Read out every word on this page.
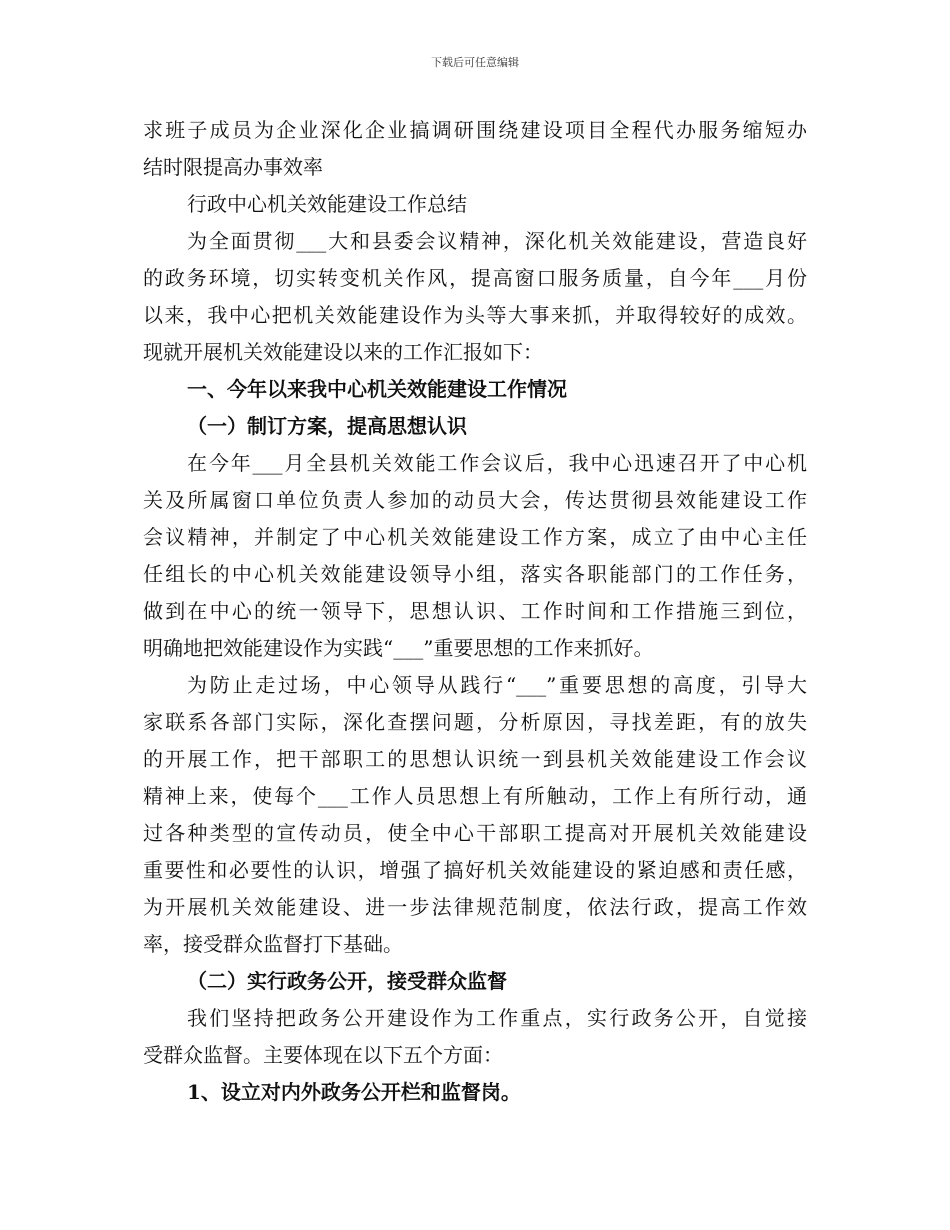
下载后可任意编辑
求班子成员为企业深化企业搞调研围绕建设项目全程代办服务缩短办
结时限提高办事效率
行政中心机关效能建设工作总结
为全面贯彻___大和县委会议精神，深化机关效能建设，营造良好
的政务环境，切实转变机关作风，提高窗口服务质量，自今年___月份
以来，我中心把机关效能建设作为头等大事来抓，并取得较好的成效。
现就开展机关效能建设以来的工作汇报如下：
一、今年以来我中心机关效能建设工作情况
（一）制订方案，提高思想认识
在今年___月全县机关效能工作会议后，我中心迅速召开了中心机
关及所属窗口单位负责人参加的动员大会，传达贯彻县效能建设工作
会议精神，并制定了中心机关效能建设工作方案，成立了由中心主任
任组长的中心机关效能建设领导小组，落实各职能部门的工作任务，
做到在中心的统一领导下，思想认识、工作时间和工作措施三到位，
明确地把效能建设作为实践“___”重要思想的工作来抓好。
为防止走过场，中心领导从践行“___”重要思想的高度，引导大
家联系各部门实际，深化查摆问题，分析原因，寻找差距，有的放失
的开展工作，把干部职工的思想认识统一到县机关效能建设工作会议
精神上来，使每个___工作人员思想上有所触动，工作上有所行动，通
过各种类型的宣传动员，使全中心干部职工提高对开展机关效能建设
重要性和必要性的认识，增强了搞好机关效能建设的紧迫感和责任感，
为开展机关效能建设、进一步法律规范制度，依法行政，提高工作效
率，接受群众监督打下基础。
（二）实行政务公开，接受群众监督
我们坚持把政务公开建设作为工作重点，实行政务公开，自觉接
受群众监督。主要体现在以下五个方面：
1、设立对内外政务公开栏和监督岗。
